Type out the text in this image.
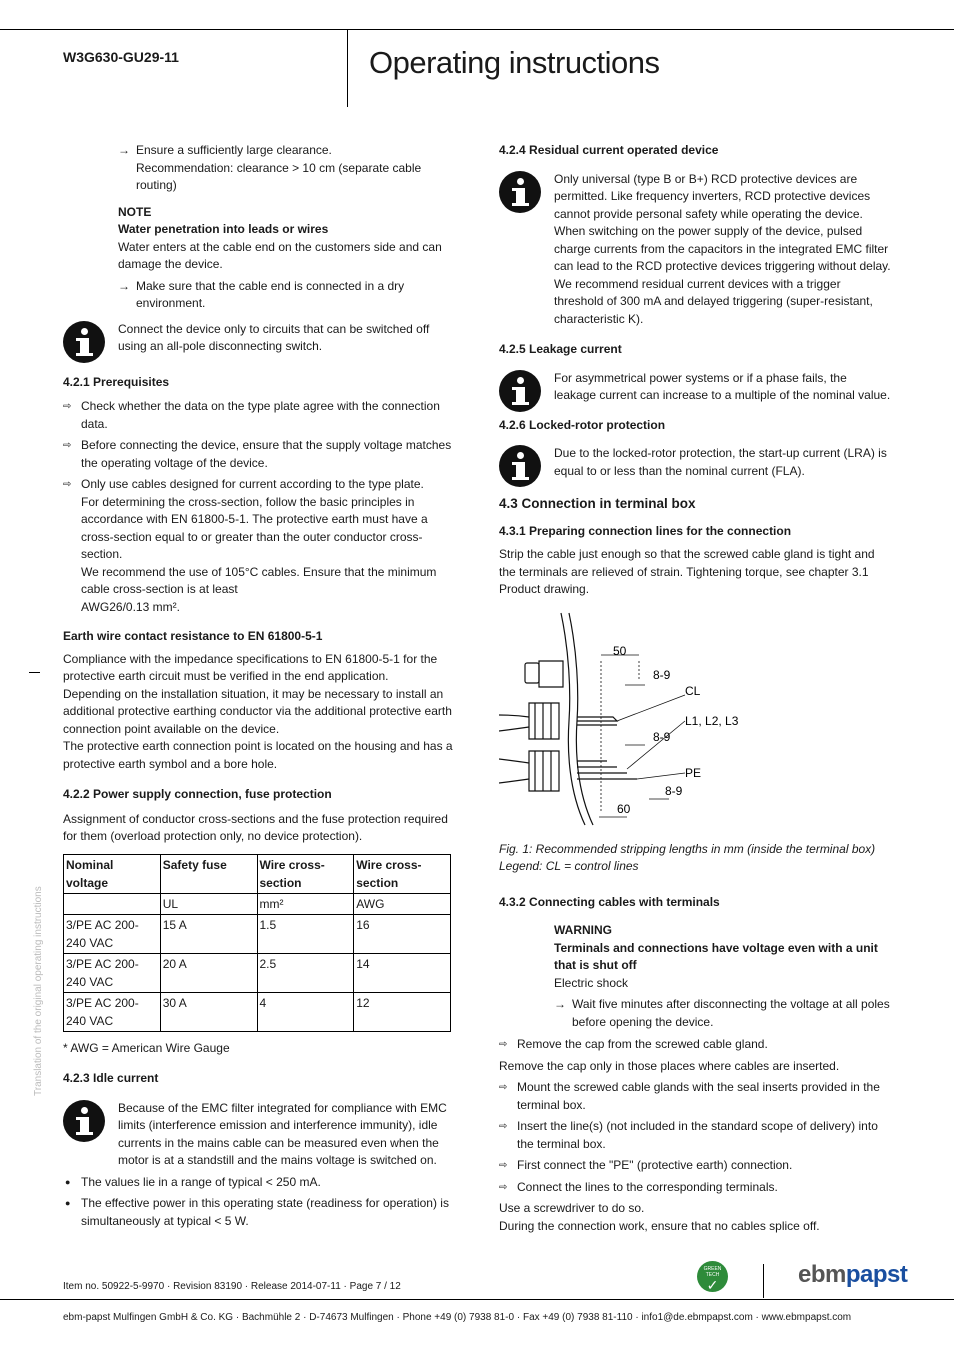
W3G630-GU29-11	Operating instructions
Translation of the original operating instructions

→ Ensure a sufficiently large clearance.

Recommendation: clearance > 10 cm (separate cable routing)

NOTE
Water penetration into leads or wires

Water enters at the cable end on the customers side and can damage the device.

→ Make sure that the cable end is connected in a dry environment.

Connect the device only to circuits that can be switched off using an all-pole disconnecting switch.

4.2.1 Prerequisites
⇨ Check whether the data on the type plate agree with the connection data.

⇨ Before connecting the device, ensure that the supply voltage matches the operating voltage of the device.

⇨ Only use cables designed for current according to the type plate.

For determining the cross-section, follow the basic principles in accordance with EN 61800-5-1. The protective earth must have a cross-section equal to or greater than the outer conductor cross-section.

We recommend the use of 105°C cables. Ensure that the minimum cable cross-section is at least

AWG26/0.13 mm².

Earth wire contact resistance to EN 61800-5-1

Compliance with the impedance specifications to EN 61800-5-1 for the protective earth circuit must be verified in the end application.

Depending on the installation situation, it may be necessary to install an additional protective earthing conductor via the additional protective earth connection point available on the device.

The protective earth connection point is located on the housing and has a protective earth symbol and a bore hole.

4.2.2 Power supply connection, fuse protection

Assignment of conductor cross-sections and the fuse protection required for them (overload protection only, no device protection).

Nominal voltage	Safety fuse	Wire cross-section	Wire cross-section
	UL	mm²	AWG
3/PE AC 200-240 VAC	15 A	1.5	16
3/PE AC 200-240 VAC	20 A	2.5	14
3/PE AC 200-240 VAC	30 A	4	12

* AWG = American Wire Gauge

4.2.3 Idle current

Because of the EMC filter integrated for compliance with EMC limits (interference emission and interference immunity), idle currents in the mains cable can be measured even when the motor is at a standstill and the mains voltage is switched on.

● The values lie in a range of typical < 250 mA.

● The effective power in this operating state (readiness for operation) is simultaneously at typical < 5 W.

4.2.4 Residual current operated device

Only universal (type B or B+) RCD protective devices are permitted. Like frequency inverters, RCD protective devices cannot provide personal safety while operating the device. When switching on the power supply of the device, pulsed charge currents from the capacitors in the integrated EMC filter can lead to the RCD protective devices triggering without delay. We recommend residual current devices with a trigger threshold of 300 mA and delayed triggering (super-resistant, characteristic K).

4.2.5 Leakage current

For asymmetrical power systems or if a phase fails, the leakage current can increase to a multiple of the nominal value.

4.2.6 Locked-rotor protection

Due to the locked-rotor protection, the start-up current (LRA) is equal to or less than the nominal current (FLA).

4.3 Connection in terminal box
4.3.1 Preparing connection lines for the connection

Strip the cable just enough so that the screwed cable gland is tight and the terminals are relieved of strain. Tightening torque, see chapter 3.1 Product drawing.

50
8-9
CL
L1, L2, L3
8-9
PE
8-9
60

Fig. 1: Recommended stripping lengths in mm (inside the terminal box)

Legend: CL = control lines

4.3.2 Connecting cables with terminals
WARNING
Terminals and connections have voltage even with a unit that is shut off

Electric shock

→ Wait five minutes after disconnecting the voltage at all poles before opening the device.

⇨ Remove the cap from the screwed cable gland.

Remove the cap only in those places where cables are inserted.

⇨ Mount the screwed cable glands with the seal inserts provided in the terminal box.

⇨ Insert the line(s) (not included in the standard scope of delivery) into the terminal box.

⇨ First connect the "PE" (protective earth) connection.

⇨ Connect the lines to the corresponding terminals.

Use a screwdriver to do so.

During the connection work, ensure that no cables splice off.

Item no. 50922-5-9970 · Revision 83190 · Release 2014-07-11 · Page 7 / 12
GREEN TECH
✓	ebmpapst
ebm-papst Mulfingen GmbH & Co. KG · Bachmühle 2 · D-74673 Mulfingen · Phone +49 (0) 7938 81-0 · Fax +49 (0) 7938 81-110 · info1@de.ebmpapst.com · www.ebmpapst.com
